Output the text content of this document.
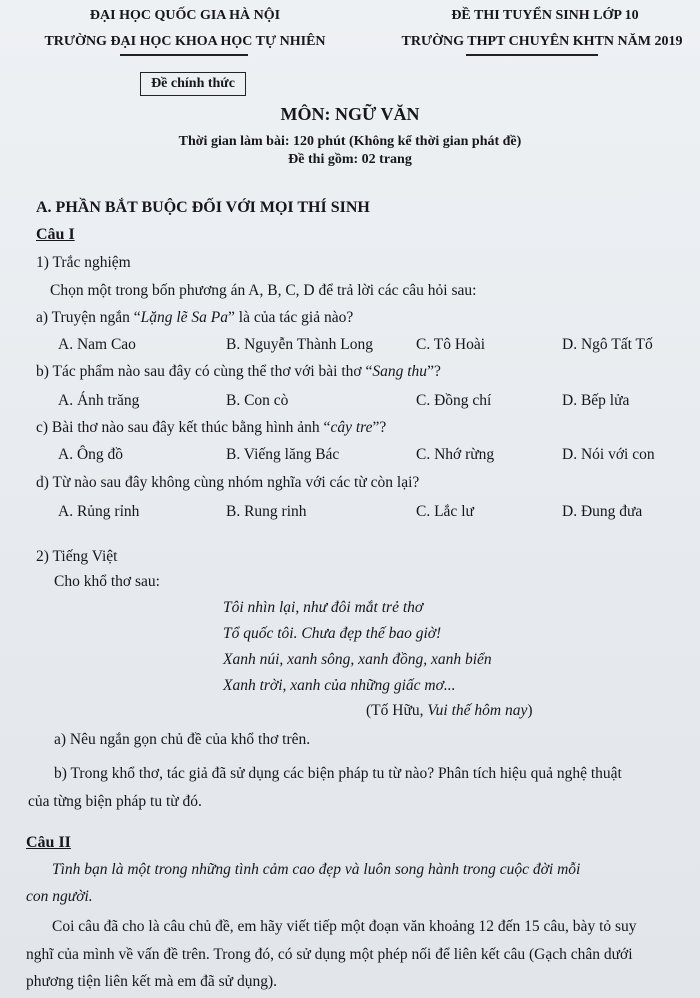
ĐẠI HỌC QUỐC GIA HÀ NỘI
TRƯỜNG ĐẠI HỌC KHOA HỌC TỰ NHIÊN
ĐỀ THI TUYỂN SINH LỚP 10
TRƯỜNG THPT CHUYÊN KHTN NĂM 2019
Đề chính thức
MÔN: NGỮ VĂN
Thời gian làm bài: 120 phút (Không kể thời gian phát đề)
Đề thi gồm: 02 trang
A. PHẦN BẮT BUỘC ĐỐI VỚI MỌI THÍ SINH
Câu I
1) Trắc nghiệm
Chọn một trong bốn phương án A, B, C, D để trả lời các câu hỏi sau:
a) Truyện ngắn “Lặng lẽ Sa Pa” là của tác giả nào?
A. Nam Cao	B. Nguyễn Thành Long	C. Tô Hoài	D. Ngô Tất Tố
b) Tác phẩm nào sau đây có cùng thể thơ với bài thơ “Sang thu”?
A. Ánh trăng	B. Con cò	C. Đồng chí	D. Bếp lửa
c) Bài thơ nào sau đây kết thúc bằng hình ảnh “cây tre”?
A. Ông đồ	B. Viếng lăng Bác	C. Nhớ rừng	D. Nói với con
d) Từ nào sau đây không cùng nhóm nghĩa với các từ còn lại?
A. Rủng rỉnh	B. Rung rinh	C. Lắc lư	D. Đung đưa
2) Tiếng Việt
Cho khổ thơ sau:
Tôi nhìn lại, như đôi mắt trẻ thơ
Tổ quốc tôi. Chưa đẹp thế bao giờ!
Xanh núi, xanh sông, xanh đồng, xanh biển
Xanh trời, xanh của những giấc mơ...
(Tố Hữu, Vui thế hôm nay)
a) Nêu ngắn gọn chủ đề của khổ thơ trên.
b) Trong khổ thơ, tác giả đã sử dụng các biện pháp tu từ nào? Phân tích hiệu quả nghệ thuật
của từng biện pháp tu từ đó.
Câu II
Tình bạn là một trong những tình cảm cao đẹp và luôn song hành trong cuộc đời mỗi
con người.
Coi câu đã cho là câu chủ đề, em hãy viết tiếp một đoạn văn khoảng 12 đến 15 câu, bày tỏ suy
nghĩ của mình về vấn đề trên. Trong đó, có sử dụng một phép nối để liên kết câu (Gạch chân dưới
phương tiện liên kết mà em đã sử dụng).
